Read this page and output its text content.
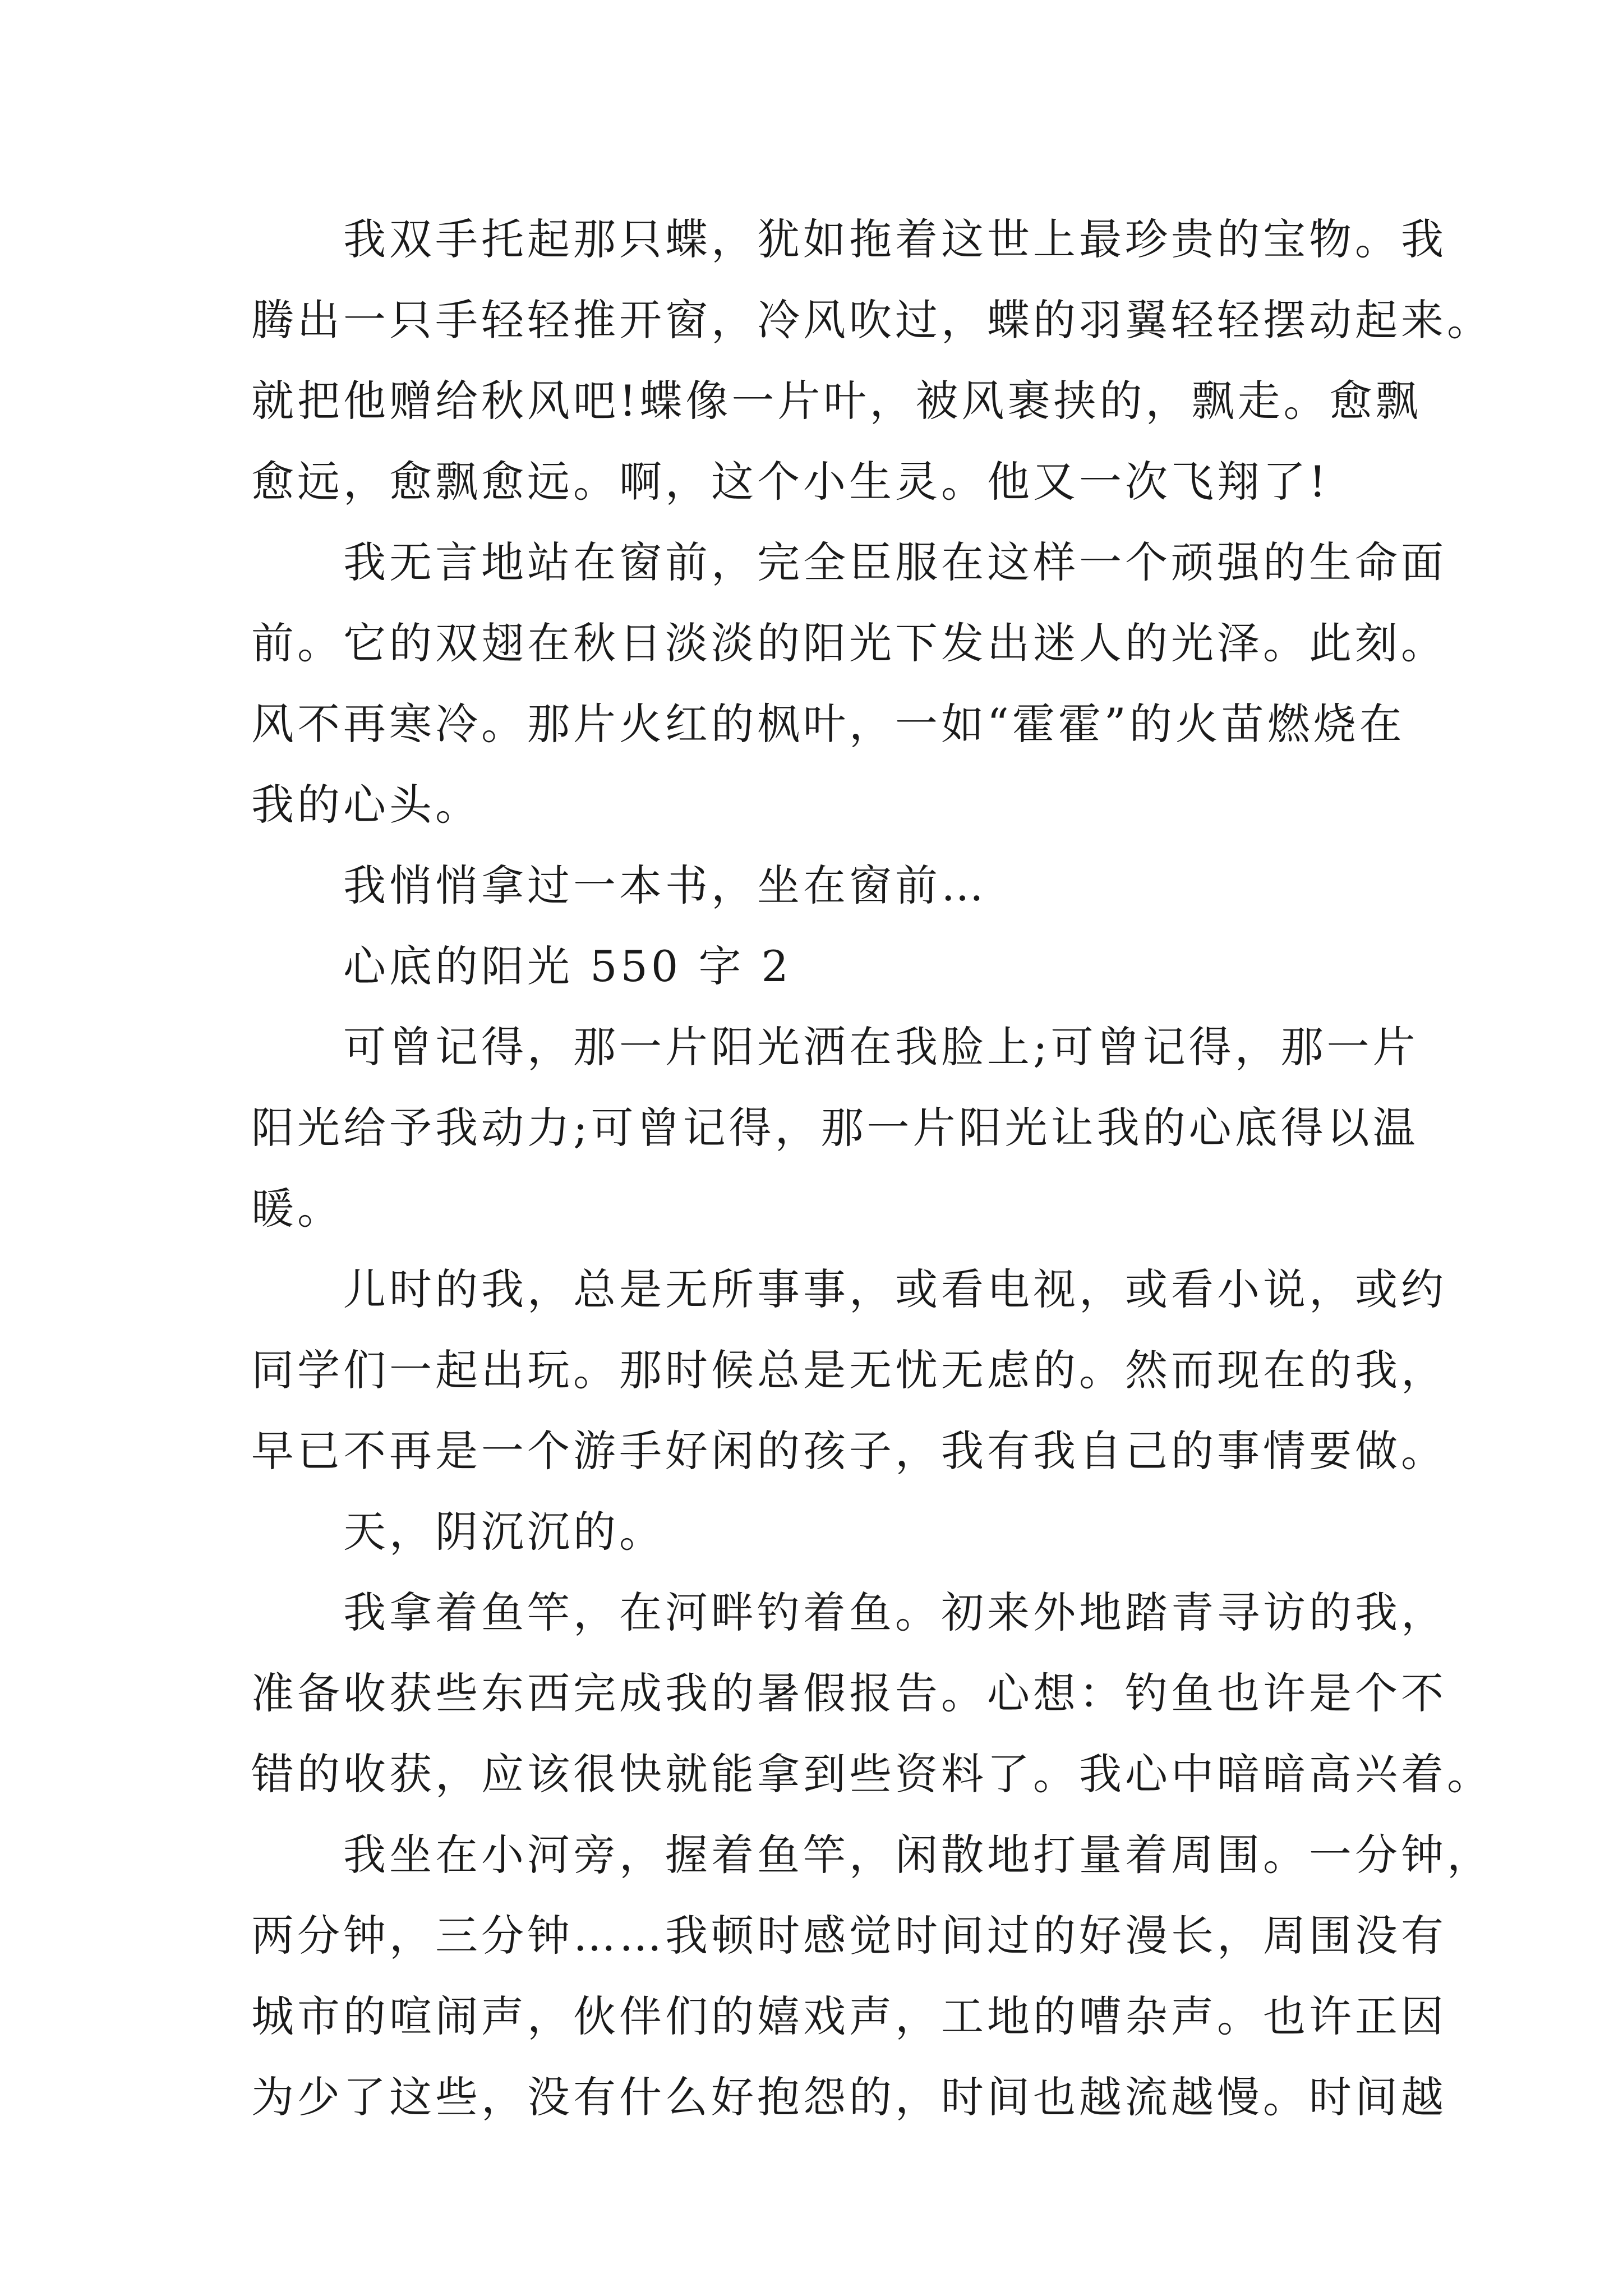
我双手托起那只蝶，犹如拖着这世上最珍贵的宝物。我
腾出一只手轻轻推开窗，冷风吹过，蝶的羽翼轻轻摆动起来。
就把他赠给秋风吧!蝶像一片叶，被风裹挟的，飘走。愈飘
愈远，愈飘愈远。啊，这个小生灵。他又一次飞翔了!
我无言地站在窗前，完全臣服在这样一个顽强的生命面
前。它的双翅在秋日淡淡的阳光下发出迷人的光泽。此刻。
风不再寒冷。那片火红的枫叶，一如“霍霍”的火苗燃烧在
我的心头。
我悄悄拿过一本书，坐在窗前…
心底的阳光 550 字 2
可曾记得，那一片阳光洒在我脸上;可曾记得，那一片
阳光给予我动力;可曾记得，那一片阳光让我的心底得以温
暖。
儿时的我，总是无所事事，或看电视，或看小说，或约
同学们一起出玩。那时候总是无忧无虑的。然而现在的我，
早已不再是一个游手好闲的孩子，我有我自己的事情要做。
天，阴沉沉的。
我拿着鱼竿，在河畔钓着鱼。初来外地踏青寻访的我，
准备收获些东西完成我的暑假报告。心想：钓鱼也许是个不
错的收获，应该很快就能拿到些资料了。我心中暗暗高兴着。
我坐在小河旁，握着鱼竿，闲散地打量着周围。一分钟，
两分钟，三分钟……我顿时感觉时间过的好漫长，周围没有
城市的喧闹声，伙伴们的嬉戏声，工地的嘈杂声。也许正因
为少了这些，没有什么好抱怨的，时间也越流越慢。时间越
